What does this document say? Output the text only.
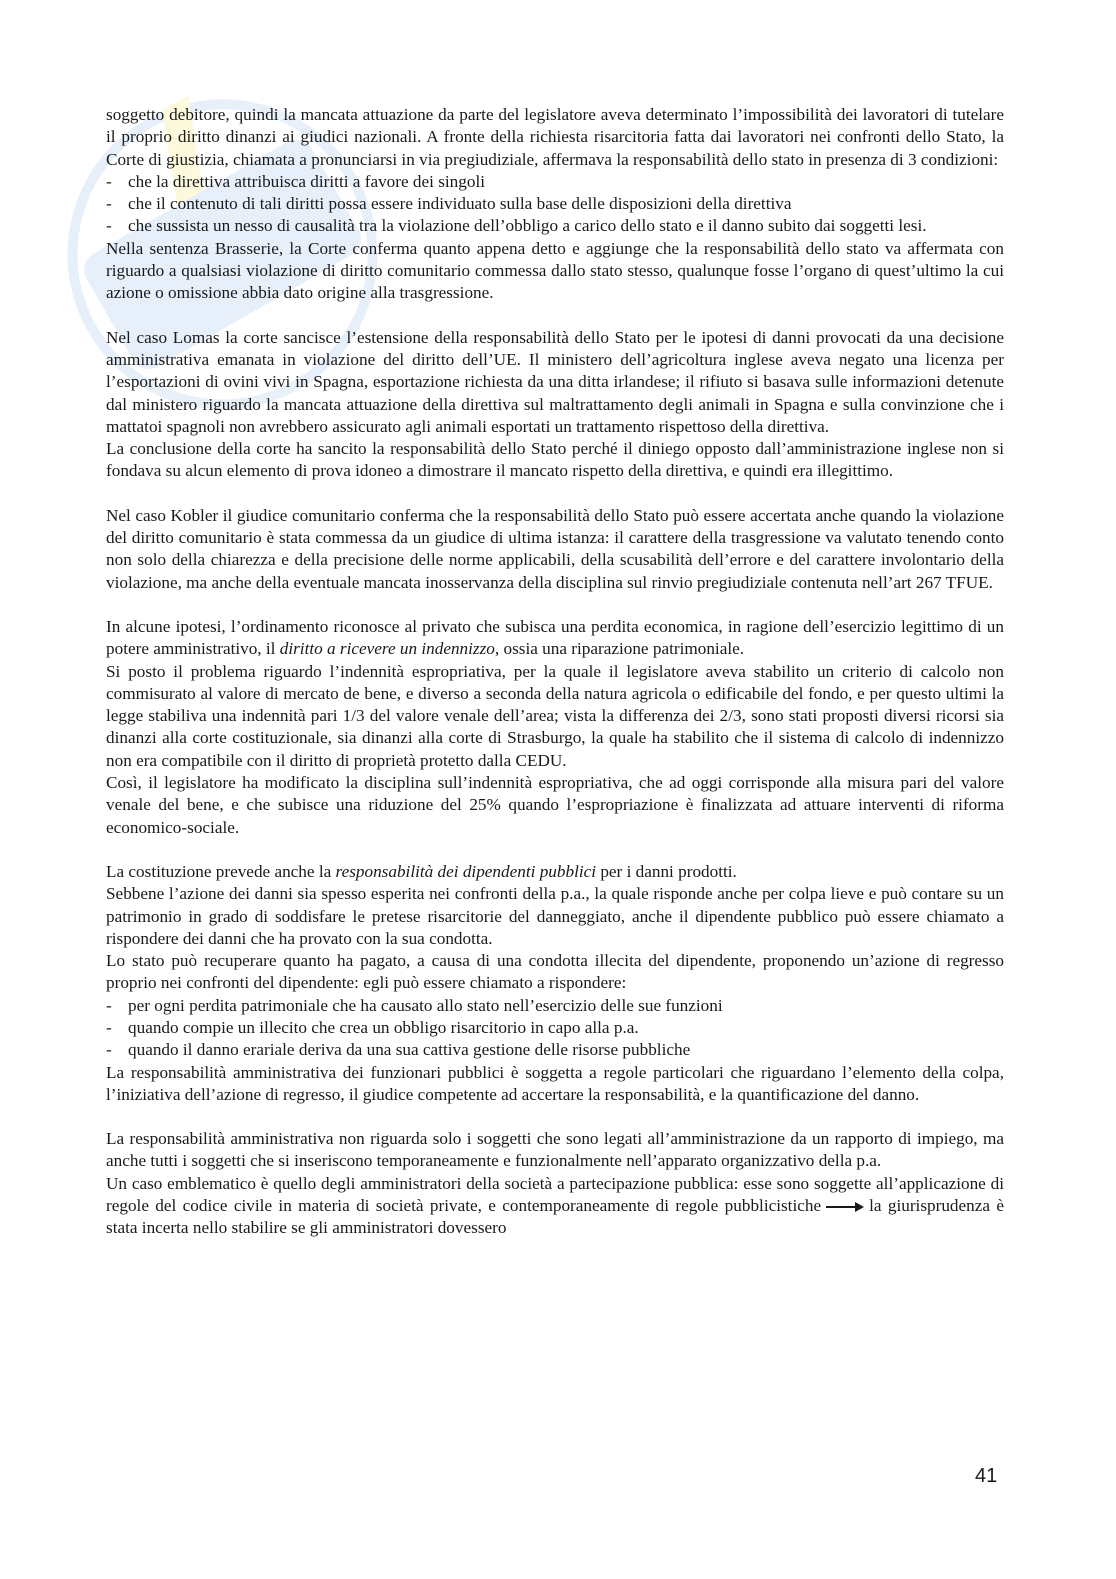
soggetto debitore, quindi la mancata attuazione da parte del legislatore aveva determinato l’impossibilità dei lavoratori di tutelare il proprio diritto dinanzi ai giudici nazionali. A fronte della richiesta risarcitoria fatta dai lavoratori nei confronti dello Stato, la Corte di giustizia, chiamata a pronunciarsi in via pregiudiziale, affermava la responsabilità dello stato in presenza di 3 condizioni:

- che la direttiva attribuisca diritti a favore dei singoli
- che il contenuto di tali diritti possa essere individuato sulla base delle disposizioni della direttiva
- che sussista un nesso di causalità tra la violazione dell’obbligo a carico dello stato e il danno subito dai soggetti lesi.

Nella sentenza Brasserie, la Corte conferma quanto appena detto e aggiunge che la responsabilità dello stato va affermata con riguardo a qualsiasi violazione di diritto comunitario commessa dallo stato stesso, qualunque fosse l’organo di quest’ultimo la cui azione o omissione abbia dato origine alla trasgressione.

Nel caso Lomas la corte sancisce l’estensione della responsabilità dello Stato per le ipotesi di danni provocati da una decisione amministrativa emanata in violazione del diritto dell’UE. Il ministero dell’agricoltura inglese aveva negato una licenza per l’esportazioni di ovini vivi in Spagna, esportazione richiesta da una ditta irlandese; il rifiuto si basava sulle informazioni detenute dal ministero riguardo la mancata attuazione della direttiva sul maltrattamento degli animali in Spagna e sulla convinzione che i mattatoi spagnoli non avrebbero assicurato agli animali esportati un trattamento rispettoso della direttiva.

La conclusione della corte ha sancito la responsabilità dello Stato perché il diniego opposto dall’amministrazione inglese non si fondava su alcun elemento di prova idoneo a dimostrare il mancato rispetto della direttiva, e quindi era illegittimo.

Nel caso Kobler il giudice comunitario conferma che la responsabilità dello Stato può essere accertata anche quando la violazione del diritto comunitario è stata commessa da un giudice di ultima istanza: il carattere della trasgressione va valutato tenendo conto non solo della chiarezza e della precisione delle norme applicabili, della scusabilità dell’errore e del carattere involontario della violazione, ma anche della eventuale mancata inosservanza della disciplina sul rinvio pregiudiziale contenuta nell’art 267 TFUE.

In alcune ipotesi, l’ordinamento riconosce al privato che subisca una perdita economica, in ragione dell’esercizio legittimo di un potere amministrativo, il diritto a ricevere un indennizzo, ossia una riparazione patrimoniale.

Si posto il problema riguardo l’indennità espropriativa, per la quale il legislatore aveva stabilito un criterio di calcolo non commisurato al valore di mercato de bene, e diverso a seconda della natura agricola o edificabile del fondo, e per questo ultimi la legge stabiliva una indennità pari 1/3 del valore venale dell’area; vista la differenza dei 2/3, sono stati proposti diversi ricorsi sia dinanzi alla corte costituzionale, sia dinanzi alla corte di Strasburgo, la quale ha stabilito che il sistema di calcolo di indennizzo non era compatibile con il diritto di proprietà protetto dalla CEDU.

Così, il legislatore ha modificato la disciplina sull’indennità espropriativa, che ad oggi corrisponde alla misura pari del valore venale del bene, e che subisce una riduzione del 25% quando l’espropriazione è finalizzata ad attuare interventi di riforma economico-sociale.

La costituzione prevede anche la responsabilità dei dipendenti pubblici per i danni prodotti.

Sebbene l’azione dei danni sia spesso esperita nei confronti della p.a., la quale risponde anche per colpa lieve e può contare su un patrimonio in grado di soddisfare le pretese risarcitorie del danneggiato, anche il dipendente pubblico può essere chiamato a rispondere dei danni che ha provato con la sua condotta.

Lo stato può recuperare quanto ha pagato, a causa di una condotta illecita del dipendente, proponendo un’azione di regresso proprio nei confronti del dipendente: egli può essere chiamato a rispondere:

- per ogni perdita patrimoniale che ha causato allo stato nell’esercizio delle sue funzioni
- quando compie un illecito che crea un obbligo risarcitorio in capo alla p.a.
- quando il danno erariale deriva da una sua cattiva gestione delle risorse pubbliche

La responsabilità amministrativa dei funzionari pubblici è soggetta a regole particolari che riguardano l’elemento della colpa, l’iniziativa dell’azione di regresso, il giudice competente ad accertare la responsabilità, e la quantificazione del danno.

La responsabilità amministrativa non riguarda solo i soggetti che sono legati all’amministrazione da un rapporto di impiego, ma anche tutti i soggetti che si inseriscono temporaneamente e funzionalmente nell’apparato organizzativo della p.a.

Un caso emblematico è quello degli amministratori della società a partecipazione pubblica: esse sono soggette all’applicazione di regole del codice civile in materia di società private, e contemporaneamente di regole pubblicistiche	la giurisprudenza è stata incerta nello stabilire se gli amministratori dovessero

41
